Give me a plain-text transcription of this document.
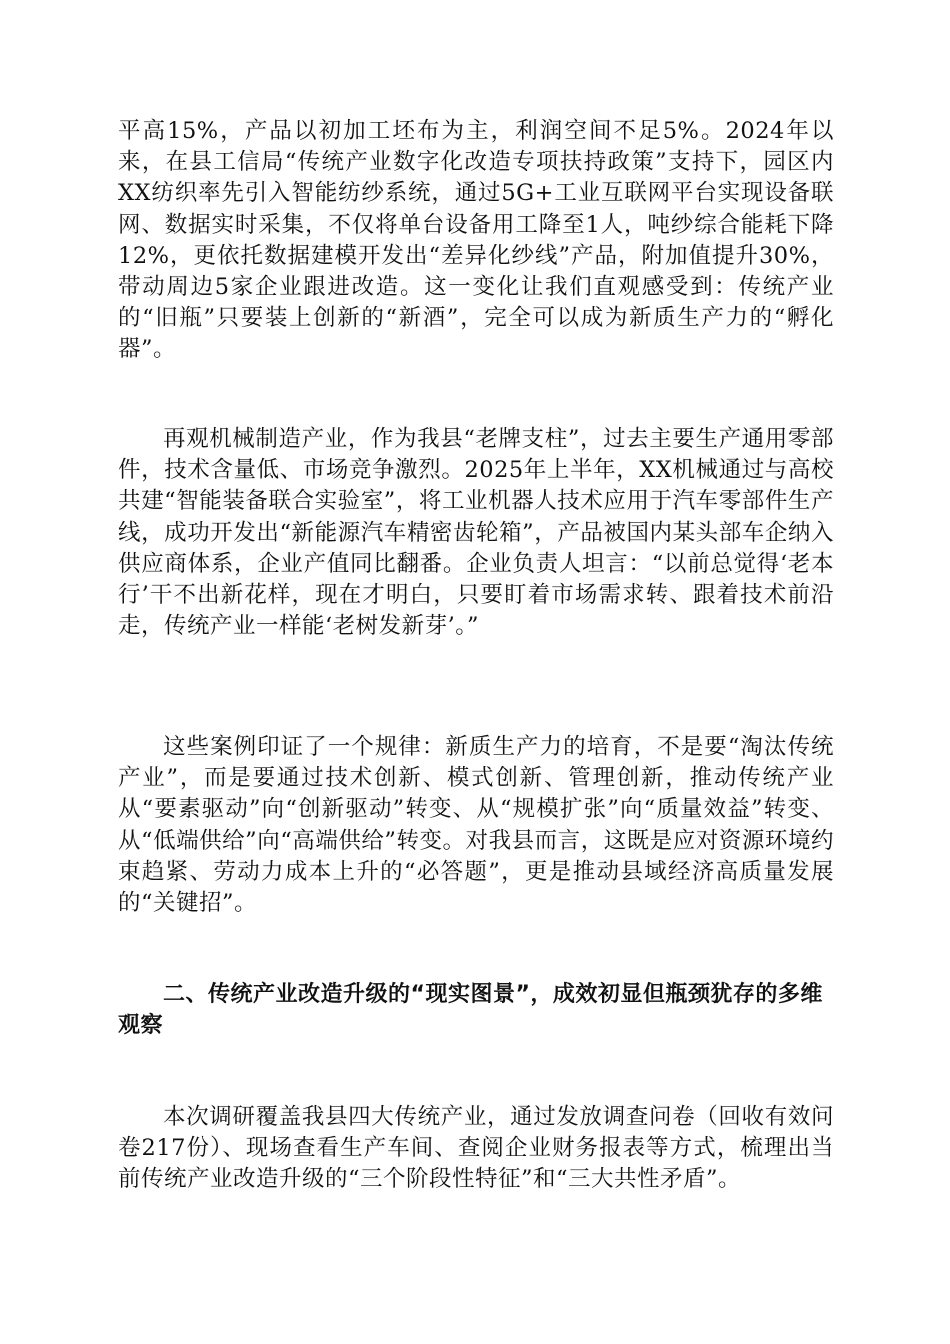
平高15%，产品以初加工坯布为主，利润空间不足5%。2024年以来，在县工信局“传统产业数字化改造专项扶持政策”支持下，园区内XX纺织率先引入智能纺纱系统，通过5G+工业互联网平台实现设备联网、数据实时采集，不仅将单台设备用工降至1人，吨纱综合能耗下降12%，更依托数据建模开发出“差异化纱线”产品，附加值提升30%，带动周边5家企业跟进改造。这一变化让我们直观感受到：传统产业的“旧瓶”只要装上创新的“新酒”，完全可以成为新质生产力的“孵化器”。

再观机械制造产业，作为我县“老牌支柱”，过去主要生产通用零部件，技术含量低、市场竞争激烈。2025年上半年，XX机械通过与高校共建“智能装备联合实验室”，将工业机器人技术应用于汽车零部件生产线，成功开发出“新能源汽车精密齿轮箱”，产品被国内某头部车企纳入供应商体系，企业产值同比翻番。企业负责人坦言：“以前总觉得‘老本行’干不出新花样，现在才明白，只要盯着市场需求转、跟着技术前沿走，传统产业一样能‘老树发新芽’。”

这些案例印证了一个规律：新质生产力的培育，不是要“淘汰传统产业”，而是要通过技术创新、模式创新、管理创新，推动传统产业从“要素驱动”向“创新驱动”转变、从“规模扩张”向“质量效益”转变、从“低端供给”向“高端供给”转变。对我县而言，这既是应对资源环境约束趋紧、劳动力成本上升的“必答题”，更是推动县域经济高质量发展的“关键招”。

二、传统产业改造升级的“现实图景”，成效初显但瓶颈犹存的多维观察

本次调研覆盖我县四大传统产业，通过发放调查问卷（回收有效问卷217份）、现场查看生产车间、查阅企业财务报表等方式，梳理出当前传统产业改造升级的“三个阶段性特征”和“三大共性矛盾”。
